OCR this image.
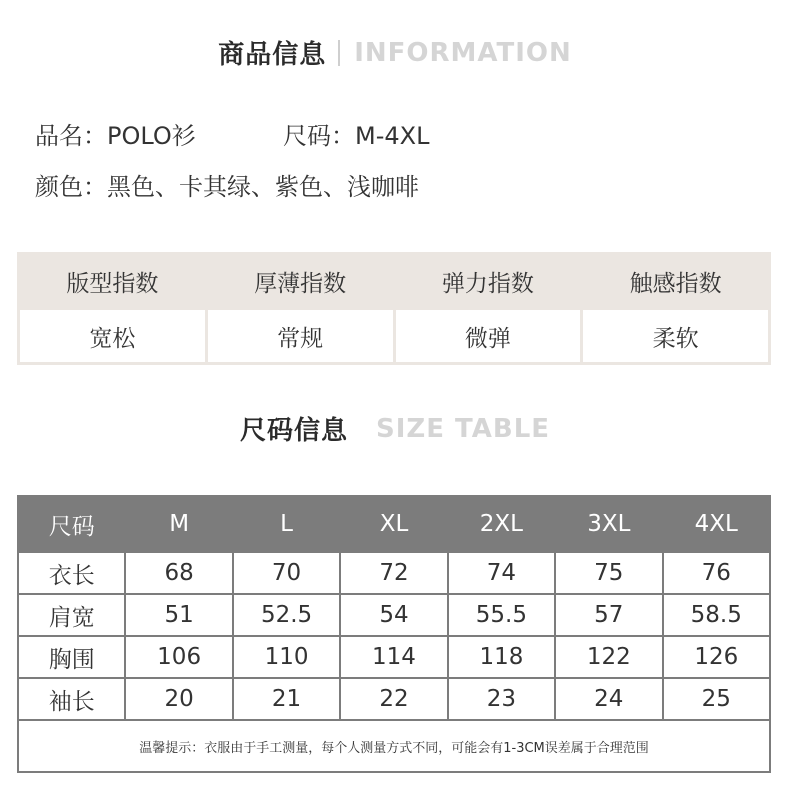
商品信息 INFORMATION
品名：POLO衫	尺码：M-4XL
颜色：黑色、卡其绿、紫色、浅咖啡
版型指数	厚薄指数	弹力指数	触感指数
宽松	常规	微弹	柔软
尺码信息 SIZE TABLE
尺码	M	L	XL	2XL	3XL	4XL
衣长	68	70	72	74	75	76
肩宽	51	52.5	54	55.5	57	58.5
胸围	106	110	114	118	122	126
袖长	20	21	22	23	24	25
温馨提示：衣服由于手工测量，每个人测量方式不同，可能会有1-3CM误差属于合理范围						
